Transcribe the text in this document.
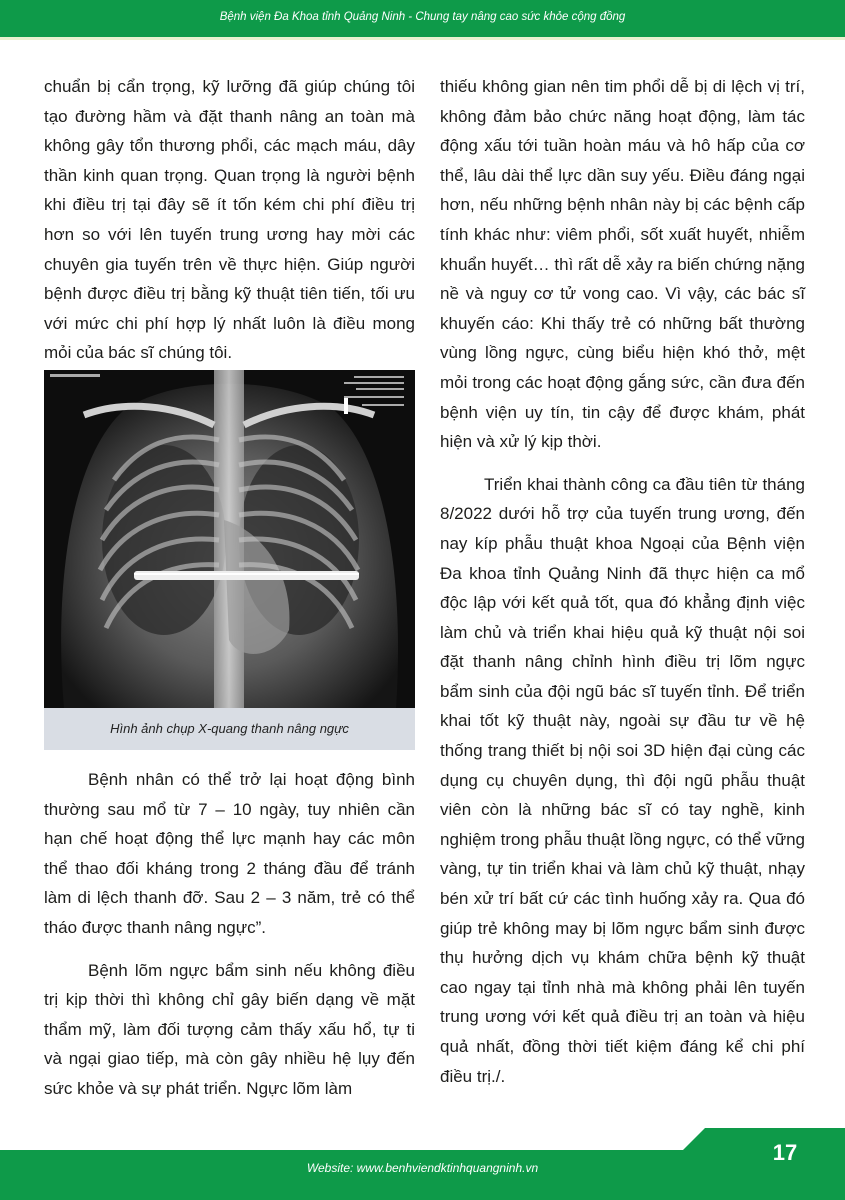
Bệnh viện Đa Khoa tỉnh Quảng Ninh - Chung tay nâng cao sức khỏe cộng đồng

chuẩn bị cẩn trọng, kỹ lưỡng đã giúp chúng tôi tạo đường hầm và đặt thanh nâng an toàn mà không gây tổn thương phổi, các mạch máu, dây thần kinh quan trọng. Quan trọng là người bệnh khi điều trị tại đây sẽ ít tốn kém chi phí điều trị hơn so với lên tuyến trung ương hay mời các chuyên gia tuyến trên về thực hiện. Giúp người bệnh được điều trị bằng kỹ thuật tiên tiến, tối ưu với mức chi phí hợp lý nhất luôn là điều mong mỏi của bác sĩ chúng tôi.

Hình ảnh chụp X-quang thanh nâng ngực

Bệnh nhân có thể trở lại hoạt động bình thường sau mổ từ 7 – 10 ngày, tuy nhiên cần hạn chế hoạt động thể lực mạnh hay các môn thể thao đối kháng trong 2 tháng đầu để tránh làm di lệch thanh đỡ. Sau 2 – 3 năm, trẻ có thể tháo được thanh nâng ngực”.

Bệnh lõm ngực bẩm sinh nếu không điều trị kịp thời thì không chỉ gây biến dạng về mặt thẩm mỹ, làm đối tượng cảm thấy xấu hổ, tự ti và ngại giao tiếp, mà còn gây nhiều hệ lụy đến sức khỏe và sự phát triển. Ngực lõm làm

thiếu không gian nên tim phổi dễ bị di lệch vị trí, không đảm bảo chức năng hoạt động, làm tác động xấu tới tuần hoàn máu và hô hấp của cơ thể, lâu dài thể lực dần suy yếu. Điều đáng ngại hơn, nếu những bệnh nhân này bị các bệnh cấp tính khác như: viêm phổi, sốt xuất huyết, nhiễm khuẩn huyết… thì rất dễ xảy ra biến chứng nặng nề và nguy cơ tử vong cao. Vì vậy, các bác sĩ khuyến cáo: Khi thấy trẻ có những bất thường vùng lồng ngực, cùng biểu hiện khó thở, mệt mỏi trong các hoạt động gắng sức, cần đưa đến bệnh viện uy tín, tin cậy để được khám, phát hiện và xử lý kịp thời.

Triển khai thành công ca đầu tiên từ tháng 8/2022 dưới hỗ trợ của tuyến trung ương, đến nay kíp phẫu thuật khoa Ngoại của Bệnh viện Đa khoa tỉnh Quảng Ninh đã thực hiện ca mổ độc lập với kết quả tốt, qua đó khẳng định việc làm chủ và triển khai hiệu quả kỹ thuật nội soi đặt thanh nâng chỉnh hình điều trị lõm ngực bẩm sinh của đội ngũ bác sĩ tuyến tỉnh. Để triển khai tốt kỹ thuật này, ngoài sự đầu tư về hệ thống trang thiết bị nội soi 3D hiện đại cùng các dụng cụ chuyên dụng, thì đội ngũ phẫu thuật viên còn là những bác sĩ có tay nghề, kinh nghiệm trong phẫu thuật lồng ngực, có thể vững vàng, tự tin triển khai và làm chủ kỹ thuật, nhạy bén xử trí bất cứ các tình huống xảy ra. Qua đó giúp trẻ không may bị lõm ngực bẩm sinh được thụ hưởng dịch vụ khám chữa bệnh kỹ thuật cao ngay tại tỉnh nhà mà không phải lên tuyến trung ương với kết quả điều trị an toàn và hiệu quả nhất, đồng thời tiết kiệm đáng kể chi phí điều trị./.

Website: www.benhviendktinhquangninh.vn
17
